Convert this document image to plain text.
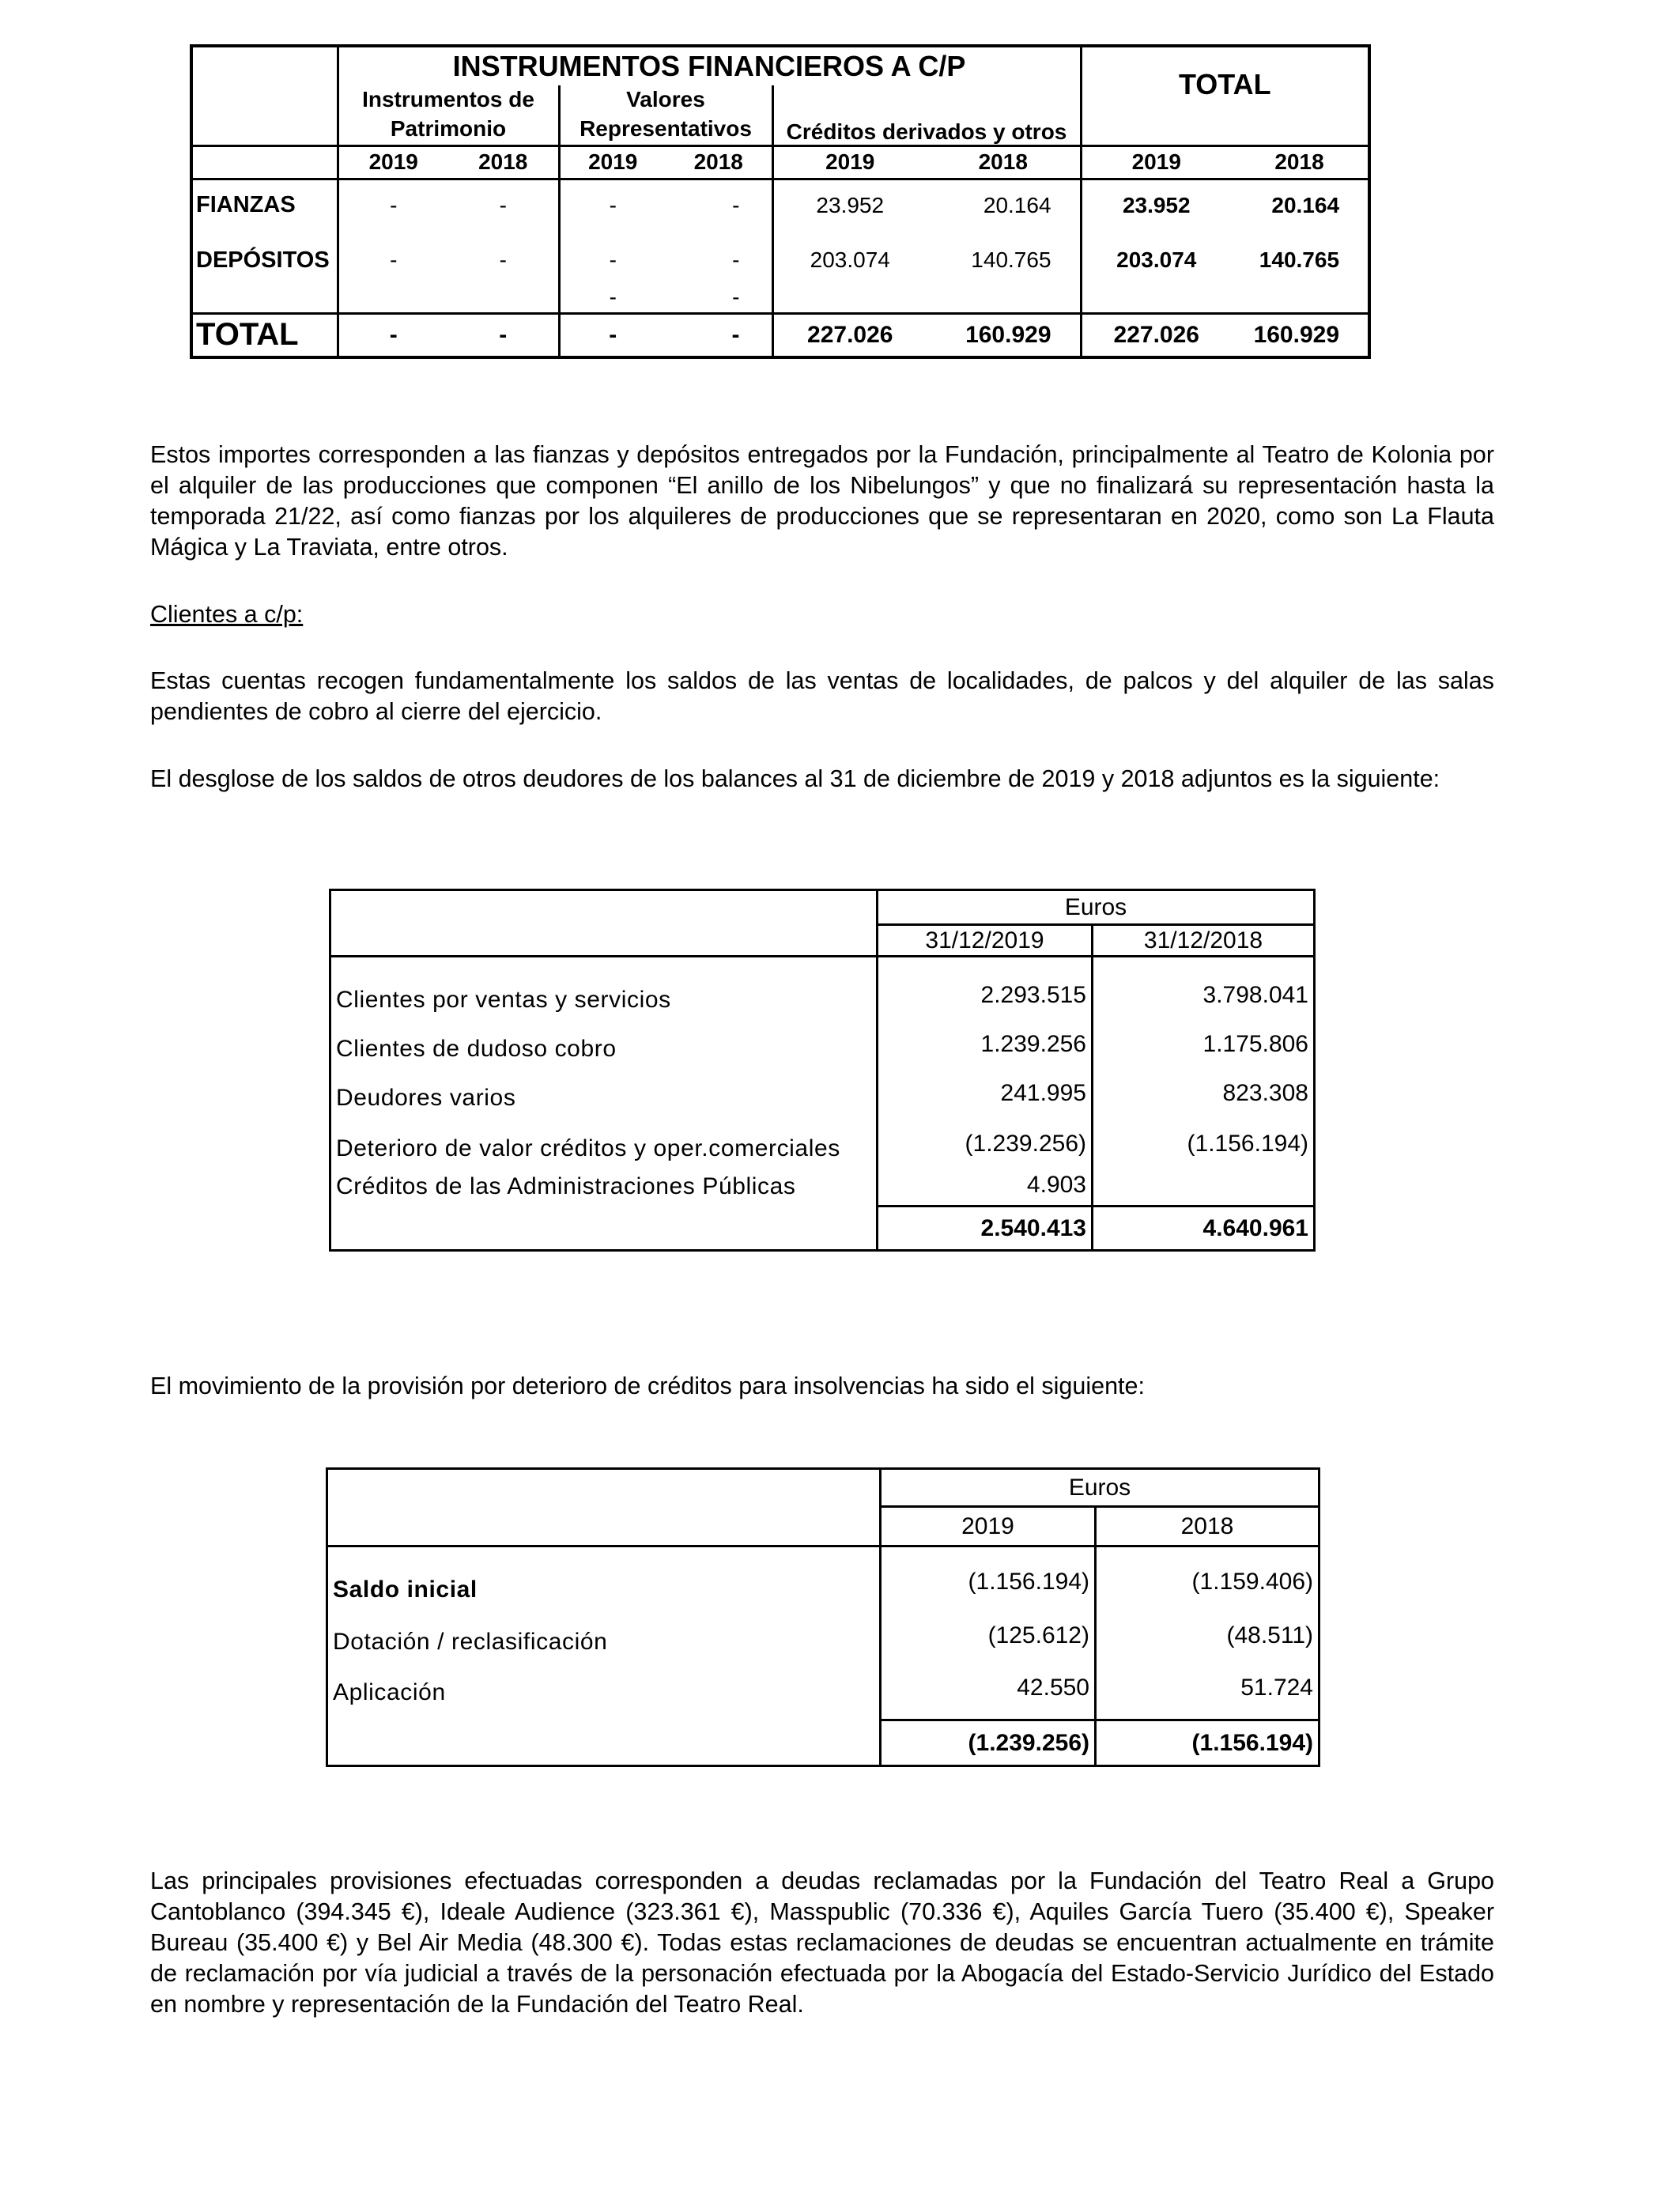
	INSTRUMENTOS FINANCIEROS A C/P						TOTAL	
	Instrumentos de		Valores		Créditos derivados y otros			
	Patrimonio		Representativos					
	2019	2018	2019	2018	2019	2018	2019	2018
FIANZAS	-	-	-	-	23.952	20.164	23.952	20.164
DEPÓSITOS	-	-	-	-	203.074	140.765	203.074	140.765
			-	-				
TOTAL	-	-	-	-	227.026	160.929	227.026	160.929
Estos importes corresponden a las fianzas y depósitos entregados por la Fundación, principalmente al Teatro de Kolonia por el alquiler de las producciones que componen “El anillo de los Nibelungos” y que no finalizará su representación hasta la temporada 21/22, así como fianzas por los alquileres de producciones que se representaran en 2020, como son La Flauta Mágica y La Traviata, entre otros.
Clientes a c/p:
Estas cuentas recogen fundamentalmente los saldos de las ventas de localidades, de palcos y del alquiler de las salas pendientes de cobro al cierre del ejercicio.
El desglose de los saldos de otros deudores de los balances al 31 de diciembre de 2019 y 2018 adjuntos es la siguiente:
	Euros	
	31/12/2019	31/12/2018
Clientes por ventas y servicios	2.293.515	3.798.041
Clientes de dudoso cobro	1.239.256	1.175.806
Deudores varios	241.995	823.308
Deterioro de valor créditos y oper.comerciales	(1.239.256)	(1.156.194)
Créditos de las Administraciones Públicas	4.903	
	2.540.413	4.640.961
El movimiento de la provisión por deterioro de créditos para insolvencias ha sido el siguiente:
	Euros	
	2019	2018
Saldo inicial	(1.156.194)	(1.159.406)
Dotación / reclasificación	(125.612)	(48.511)
Aplicación	42.550	51.724
	(1.239.256)	(1.156.194)
Las principales provisiones efectuadas corresponden a deudas reclamadas por la Fundación del Teatro Real a Grupo Cantoblanco (394.345 €), Ideale Audience (323.361 €), Masspublic (70.336 €), Aquiles García Tuero (35.400 €), Speaker Bureau (35.400 €) y Bel Air Media (48.300 €). Todas estas reclamaciones de deudas se encuentran actualmente en trámite de reclamación por vía judicial a través de la personación efectuada por la Abogacía del Estado-Servicio Jurídico del Estado en nombre y representación de la Fundación del Teatro Real.
